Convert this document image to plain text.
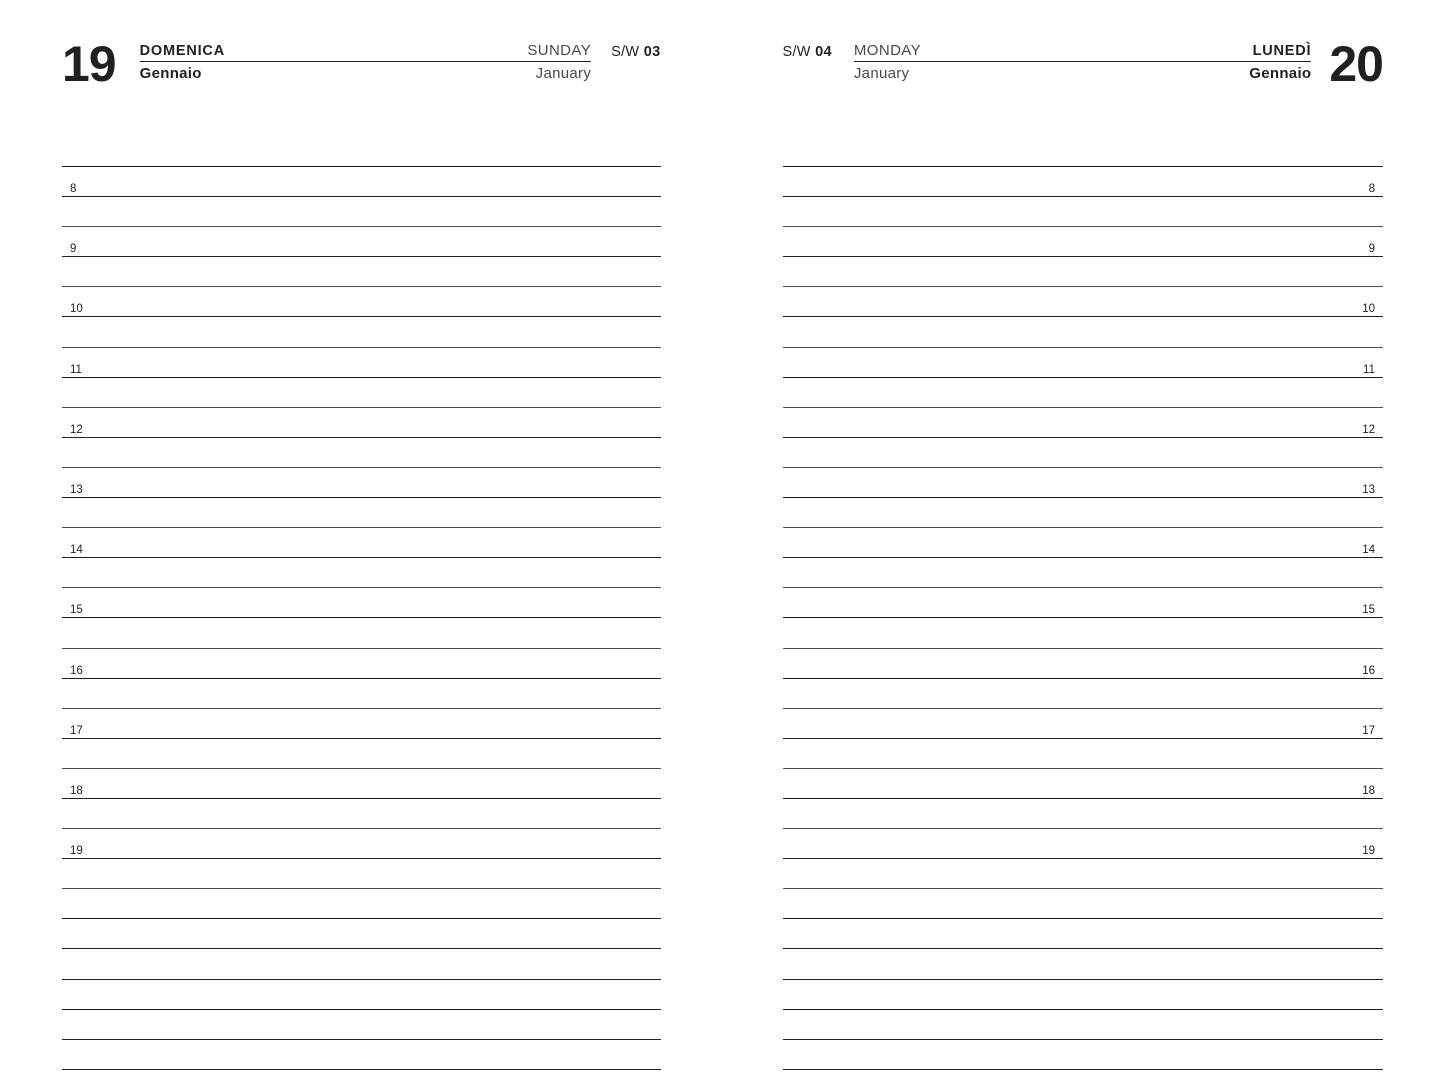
19 DOMENICA	SUNDAY
Gennaio	January
S/W 03
8
9
10
11
12
13
14
15
16
17
18
19
S/W 04 MONDAY	LUNEDÌ
January	Gennaio 20
8
9
10
11
12
13
14
15
16
17
18
19
